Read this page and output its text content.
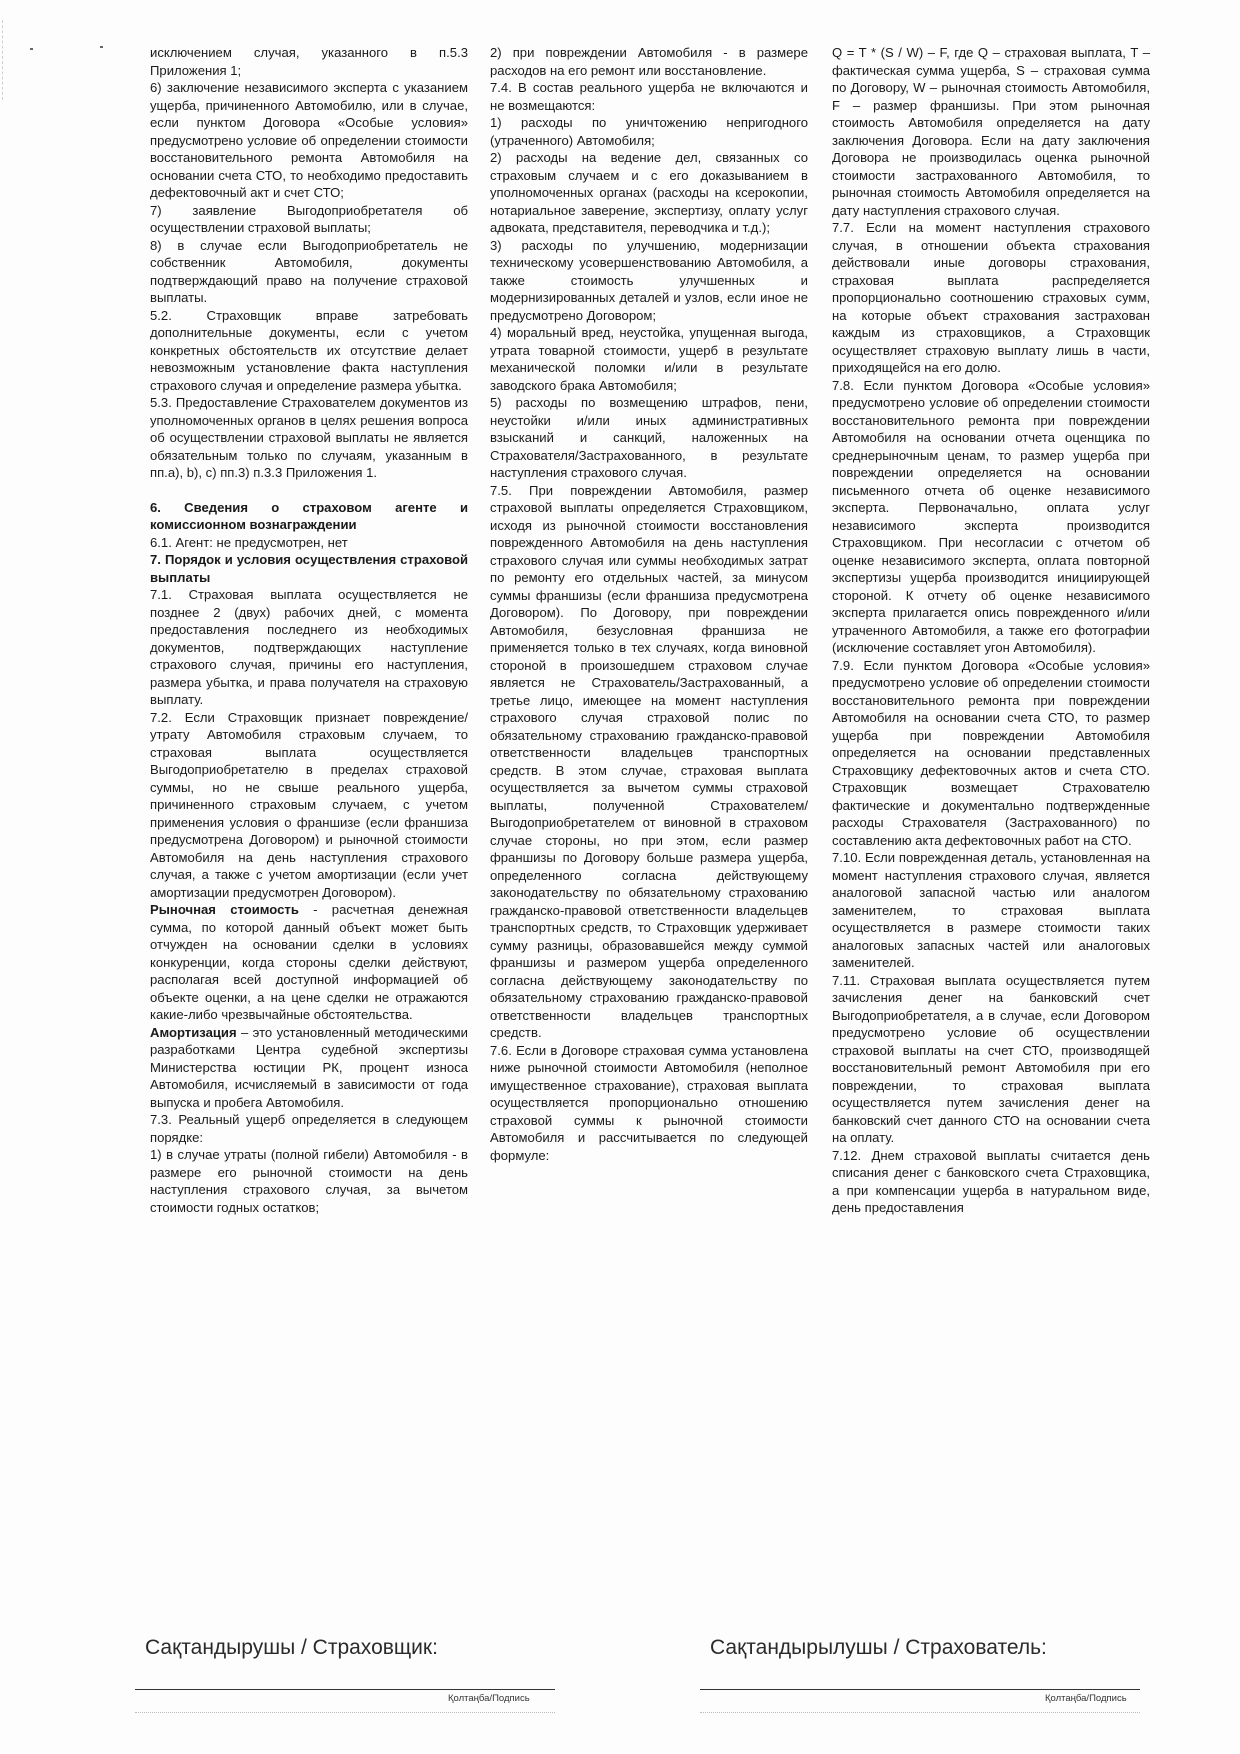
исключением случая, указанного в п.5.3 Приложения 1;

6) заключение независимого эксперта с указанием ущерба, причиненного Автомобилю, или в случае, если пунктом Договора «Особые условия» предусмотрено условие об определении стоимости восстановительного ремонта Автомобиля на основании счета СТО, то необходимо предоставить дефектовочный акт и счет СТО;

7) заявление Выгодоприобретателя об осуществлении страховой выплаты;

8) в случае если Выгодоприобретатель не собственник Автомобиля, документы подтверждающий право на получение страховой выплаты.

5.2. Страховщик вправе затребовать дополнительные документы, если с учетом конкретных обстоятельств их отсутствие делает невозможным установление факта наступления страхового случая и определение размера убытка.

5.3. Предоставление Страхователем документов из уполномоченных органов в целях решения вопроса об осуществлении страховой выплаты не является обязательным только по случаям, указанным в пп.а), b), c) пп.3) п.3.3 Приложения 1.

6. Сведения о страховом агенте и комиссионном вознаграждении

6.1. Агент: не предусмотрен, нет

7. Порядок и условия осуществления страховой выплаты

7.1. Страховая выплата осуществляется не позднее 2 (двух) рабочих дней, с момента предоставления последнего из необходимых документов, подтверждающих наступление страхового случая, причины его наступления, размера убытка, и права получателя на страховую выплату.

7.2. Если Страховщик признает повреждение/утрату Автомобиля страховым случаем, то страховая выплата осуществляется Выгодоприобретателю в пределах страховой суммы, но не свыше реального ущерба, причиненного страховым случаем, с учетом применения условия о франшизе (если франшиза предусмотрена Договором) и рыночной стоимости Автомобиля на день наступления страхового случая, а также с учетом амортизации (если учет амортизации предусмотрен Договором).

Рыночная стоимость - расчетная денежная сумма, по которой данный объект может быть отчужден на основании сделки в условиях конкуренции, когда стороны сделки действуют, располагая всей доступной информацией об объекте оценки, а на цене сделки не отражаются какие-либо чрезвычайные обстоятельства.

Амортизация – это установленный методическими разработками Центра судебной экспертизы Министерства юстиции РК, процент износа Автомобиля, исчисляемый в зависимости от года выпуска и пробега Автомобиля.

7.3. Реальный ущерб определяется в следующем порядке:

1) в случае утраты (полной гибели) Автомобиля - в размере его рыночной стоимости на день наступления страхового случая, за вычетом стоимости годных остатков;

2) при повреждении Автомобиля - в размере расходов на его ремонт или восстановление.

7.4. В состав реального ущерба не включаются и не возмещаются:

1) расходы по уничтожению непригодного (утраченного) Автомобиля;

2) расходы на ведение дел, связанных со страховым случаем и с его доказыванием в уполномоченных органах (расходы на ксерокопии, нотариальное заверение, экспертизу, оплату услуг адвоката, представителя, переводчика и т.д.);

3) расходы по улучшению, модернизации техническому усовершенствованию Автомобиля, а также стоимость улучшенных и модернизированных деталей и узлов, если иное не предусмотрено Договором;

4) моральный вред, неустойка, упущенная выгода, утрата товарной стоимости, ущерб в результате механической поломки и/или в результате заводского брака Автомобиля;

5) расходы по возмещению штрафов, пени, неустойки и/или иных административных взысканий и санкций, наложенных на Страхователя/Застрахованного, в результате наступления страхового случая.

7.5. При повреждении Автомобиля, размер страховой выплаты определяется Страховщиком, исходя из рыночной стоимости восстановления поврежденного Автомобиля на день наступления страхового случая или суммы необходимых затрат по ремонту его отдельных частей, за минусом суммы франшизы (если франшиза предусмотрена Договором). По Договору, при повреждении Автомобиля, безусловная франшиза не применяется только в тех случаях, когда виновной стороной в произошедшем страховом случае является не Страхователь/Застрахованный, а третье лицо, имеющее на момент наступления страхового случая страховой полис по обязательному страхованию гражданско-правовой ответственности владельцев транспортных средств. В этом случае, страховая выплата осуществляется за вычетом суммы страховой выплаты, полученной Страхователем/Выгодоприобретателем от виновной в страховом случае стороны, но при этом, если размер франшизы по Договору больше размера ущерба, определенного согласна действующему законодательству по обязательному страхованию гражданско-правовой ответственности владельцев транспортных средств, то Страховщик удерживает сумму разницы, образовавшейся между суммой франшизы и размером ущерба определенного согласна действующему законодательству по обязательному страхованию гражданско-правовой ответственности владельцев транспортных средств.

7.6. Если в Договоре страховая сумма установлена ниже рыночной стоимости Автомобиля (неполное имущественное страхование), страховая выплата осуществляется пропорционально отношению страховой суммы к рыночной стоимости Автомобиля и рассчитывается по следующей формуле:

Q = T * (S / W) – F, где Q – страховая выплата, T – фактическая сумма ущерба, S – страховая сумма по Договору, W – рыночная стоимость Автомобиля, F – размер франшизы. При этом рыночная стоимость Автомобиля определяется на дату заключения Договора. Если на дату заключения Договора не производилась оценка рыночной стоимости застрахованного Автомобиля, то рыночная стоимость Автомобиля определяется на дату наступления страхового случая.

7.7. Если на момент наступления страхового случая, в отношении объекта страхования действовали иные договоры страхования, страховая выплата распределяется пропорционально соотношению страховых сумм, на которые объект страхования застрахован каждым из страховщиков, а Страховщик осуществляет страховую выплату лишь в части, приходящейся на его долю.

7.8. Если пунктом Договора «Особые условия» предусмотрено условие об определении стоимости восстановительного ремонта при повреждении Автомобиля на основании отчета оценщика по среднерыночным ценам, то размер ущерба при повреждении определяется на основании письменного отчета об оценке независимого эксперта. Первоначально, оплата услуг независимого эксперта производится Страховщиком. При несогласии с отчетом об оценке независимого эксперта, оплата повторной экспертизы ущерба производится инициирующей стороной. К отчету об оценке независимого эксперта прилагается опись поврежденного и/или утраченного Автомобиля, а также его фотографии (исключение составляет угон Автомобиля).

7.9. Если пунктом Договора «Особые условия» предусмотрено условие об определении стоимости восстановительного ремонта при повреждении Автомобиля на основании счета СТО, то размер ущерба при повреждении Автомобиля определяется на основании представленных Страховщику дефектовочных актов и счета СТО. Страховщик возмещает Страхователю фактические и документально подтвержденные расходы Страхователя (Застрахованного) по составлению акта дефектовочных работ на СТО.

7.10. Если поврежденная деталь, установленная на момент наступления страхового случая, является аналоговой запасной частью или аналогом заменителем, то страховая выплата осуществляется в размере стоимости таких аналоговых запасных частей или аналоговых заменителей.

7.11. Страховая выплата осуществляется путем зачисления денег на банковский счет Выгодоприобретателя, а в случае, если Договором предусмотрено условие об осуществлении страховой выплаты на счет СТО, производящей восстановительный ремонт Автомобиля при его повреждении, то страховая выплата осуществляется путем зачисления денег на банковский счет данного СТО на основании счета на оплату.

7.12. Днем страховой выплаты считается день списания денег с банковского счета Страховщика, а при компенсации ущерба в натуральном виде, день предоставления

Сақтандырушы / Страховщик:	Сақтандырылушы / Страхователь:
Қолтаңба/Подпись	Қолтаңба/Подпись
